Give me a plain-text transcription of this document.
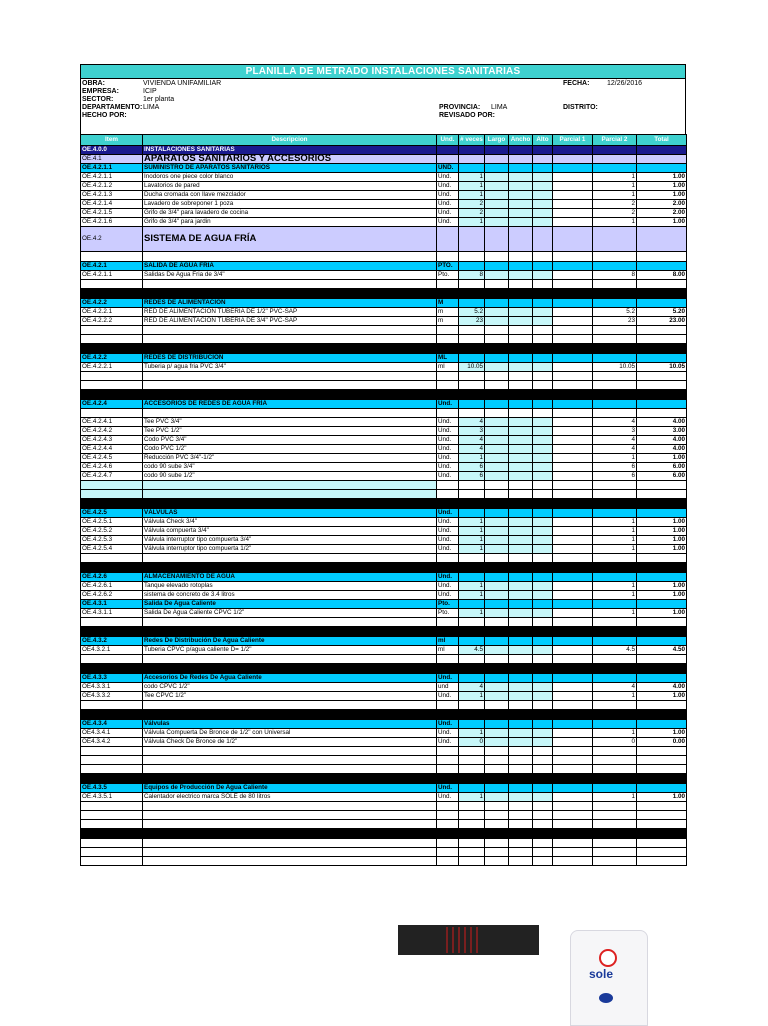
PLANILLA DE METRADO INSTALACIONES SANITARIAS
OBRA:	VIVIENDA UNIFAMILIAR
EMPRESA:	ICIP
SECTOR:	1er planta
DEPARTAMENTO: LIMA
HECHO POR:
FECHA:	12/26/2016
PROVINCIA: LIMA	DISTRITO:
REVISADO POR:
Item	Descripcion	Und.	# veces	Largo	Ancho	Alto	Parcial 1	Parcial 2	Total
OE.4.0.0	INSTALACIONES SANITARIAS								
OE.4.1	APARATOS SANITARIOS Y ACCESORIOS								
OE.4.2.1.1	SUMINISTRO DE APARATOS SANITARIOS	UND.							
OE.4.2.1.1	Inodoros one piece color blanco	Und.	1					1	1.00
OE.4.2.1.2	Lavatorios de pared	Und.	1					1	1.00
OE.4.2.1.3	Ducha cromada con llave mezclador	Und.	1					1	1.00
OE.4.2.1.4	Lavadero de sobreponer 1 poza	Und.	2					2	2.00
OE.4.2.1.5	Grifo de 3/4" para lavadero de cocina	Und.	2					2	2.00
OE.4.2.1.6	Grifo de 3/4" para jardin	Und.	1					1	1.00
OE.4.2	SISTEMA DE AGUA FRÍA								

OE.4.2.1	SALIDA DE AGUA FRIA	PTO.							
OE.4.2.1.1	Salidas De Agua Fria de 3/4"	Pto.	8					8	8.00

OE.4.2.2	REDES DE ALIMENTACIÓN	M							
OE.4.2.2.1	RED DE ALIMENTACIÓN TUBERIA DE 1/2" PVC-SAP	m	5.2					5.2	5.20
OE.4.2.2.2	RED DE ALIMENTACIÓN TUBERIA DE 3/4" PVC-SAP	m	23					23	23.00

OE.4.2.2	REDES DE DISTRIBUCIÓN	ML							
OE.4.2.2.1	Tuberia p/ agua fria PVC 3/4"	ml	10.05					10.05	10.05

OE.4.2.4	ACCESORIOS DE REDES DE AGUA FRÍA	Und.							

OE.4.2.4.1	Tee PVC 3/4"	Und.	4					4	4.00
OE.4.2.4.2	Tee PVC 1/2"	Und.	3					3	3.00
OE.4.2.4.3	Codo PVC 3/4"	Und.	4					4	4.00
OE.4.2.4.4	Codo PVC 1/2"	Und.	4					4	4.00
OE.4.2.4.5	Reducción PVC 3/4"-1/2"	Und.	1					1	1.00
OE.4.2.4.6	codo 90 sube 3/4"	Und.	6					6	6.00
OE.4.2.4.7	codo 90 sube 1/2"	Und.	6					6	6.00

OE.4.2.5	VÁLVULAS	Und.							
OE.4.2.5.1	Válvula Check 3/4"	Und.	1					1	1.00
OE.4.2.5.2	Válvula compuerta 3/4"	Und.	1					1	1.00
OE.4.2.5.3	Válvula interruptor tipo compuerta 3/4"	Und.	1					1	1.00
OE.4.2.5.4	Válvula interruptor tipo compuerta 1/2"	Und.	1					1	1.00

OE.4.2.6	ALMACENAMIENTO DE AGUA	Und.							
OE.4.2.6.1	Tanque elevado rotoplas	Und.	1					1	1.00
OE.4.2.6.2	sistema de concreto de 3.4 litros	Und.	1					1	1.00
OE.4.3.1	Salida De Agua Caliente	Pto.							
OE.4.3.1.1	Salida De Agua Caliente CPVC 1/2"	Pto.	1					1	1.00

OE.4.3.2	Redes De Distribución De Agua Caliente	ml							
OE4.3.2.1	Tuberia CPVC p/agua caliente D= 1/2"	ml	4.5					4.5	4.50

OE.4.3.3	Accesorios De Redes De Agua Caliente	Und.							
OE4.3.3.1	codo CPVC 1/2"	und	4					4	4.00
OE4.3.3.2	Tee CPVC 1/2"	Und.	1					1	1.00

OE.4.3.4	Válvulas	Und.							
OE4.3.4.1	Válvula Compuerta De Bronce de 1/2" con Universal	Und.	1					1	1.00
OE4.3.4.2	Válvula Check De Bronce de 1/2"	Und.	0					0	0.00

OE.4.3.5	Equipos de Producción De Agua Caliente	Und.							
OE.4.3.5.1	Calentador electrico marca SOLE de 80 litros	Und.	1					1	1.00

sole
